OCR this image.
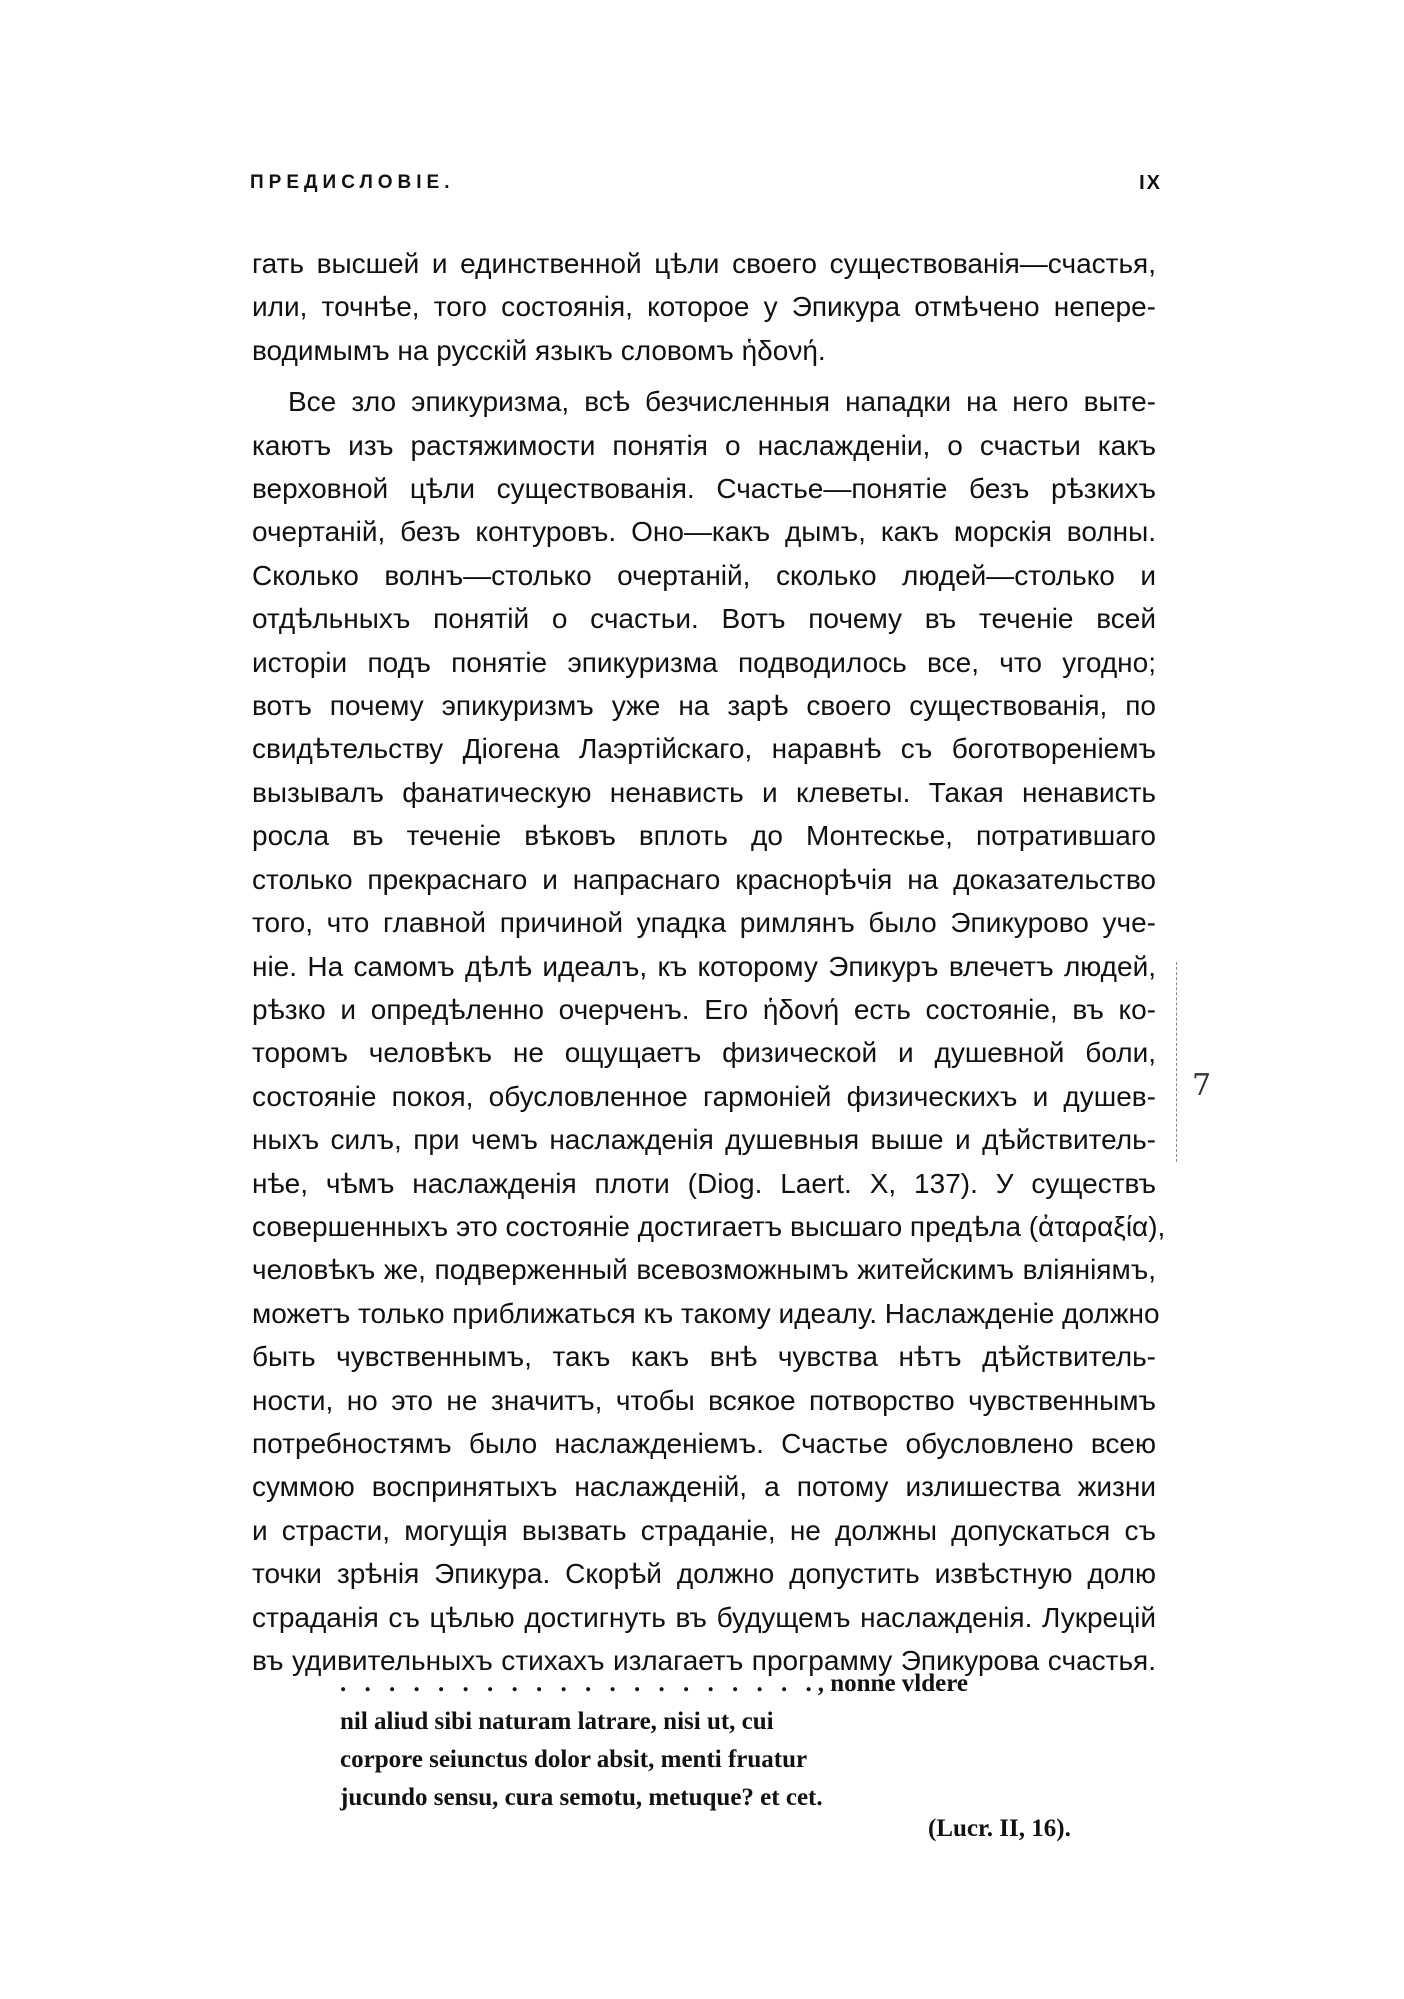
ПРЕДИСЛОВІЕ.	IX
гать высшей и единственной цѣли своего существованія—счастья,
или, точнѣе, того состоянія, которое у Эпикура отмѣчено непере-
водимымъ на русскій языкъ словомъ ἡδονή.
Все зло эпикуризма, всѣ безчисленныя нападки на него выте-
каютъ изъ растяжимости понятія о наслажденіи, о счастьи какъ
верховной цѣли существованія. Счастье—понятіе безъ рѣзкихъ
очертаній, безъ контуровъ. Оно—какъ дымъ, какъ морскія волны.
Сколько волнъ—столько очертаній, сколько людей—столько и
отдѣльныхъ понятій о счастьи. Вотъ почему въ теченіе всей
исторіи подъ понятіе эпикуризма подводилось все, что угодно;
вотъ почему эпикуризмъ уже на зарѣ своего существованія, по
свидѣтельству Діогена Лаэртійскаго, наравнѣ съ боготвореніемъ
вызывалъ фанатическую ненависть и клеветы. Такая ненависть
росла въ теченіе вѣковъ вплоть до Монтескье, потратившаго
столько прекраснаго и напраснаго краснорѣчія на доказательство
того, что главной причиной упадка римлянъ было Эпикурово уче-
ніе. На самомъ дѣлѣ идеалъ, къ которому Эпикуръ влечетъ людей,
рѣзко и опредѣленно очерченъ. Его ἡδονή есть состояніе, въ ко-
торомъ человѣкъ не ощущаетъ физической и душевной боли,
состояніе покоя, обусловленное гармоніей физическихъ и душев-
ныхъ силъ, при чемъ наслажденія душевныя выше и дѣйствитель-
нѣе, чѣмъ наслажденія плоти (Diog. Laert. X, 137). У существъ
совершенныхъ это состояніе достигаетъ высшаго предѣла (ἀταραξία),
человѣкъ же, подверженный всевозможнымъ житейскимъ вліяніямъ,
можетъ только приближаться къ такому идеалу. Наслажденіе должно
быть чувственнымъ, такъ какъ внѣ чувства нѣтъ дѣйствитель-
ности, но это не значитъ, чтобы всякое потворство чувственнымъ
потребностямъ было наслажденіемъ. Счастье обусловлено всею
суммою воспринятыхъ наслажденій, а потому излишества жизни
и страсти, могущія вызвать страданіе, не должны допускаться съ
точки зрѣнія Эпикура. Скорѣй должно допустить извѣстную долю
страданія съ цѣлью достигнуть въ будущемъ наслажденія. Лукрецій
въ удивительныхъ стихахъ излагаетъ программу Эпикурова счастья.
7
. . . . . . . . . . . . . . . . . . . ., nonne vldere
nil aliud sibi naturam latrare, nisi ut, cui
corpore seiunctus dolor absit, menti fruatur
jucundo sensu, cura semotu, metuque? et cet.
(Lucr. II, 16).
